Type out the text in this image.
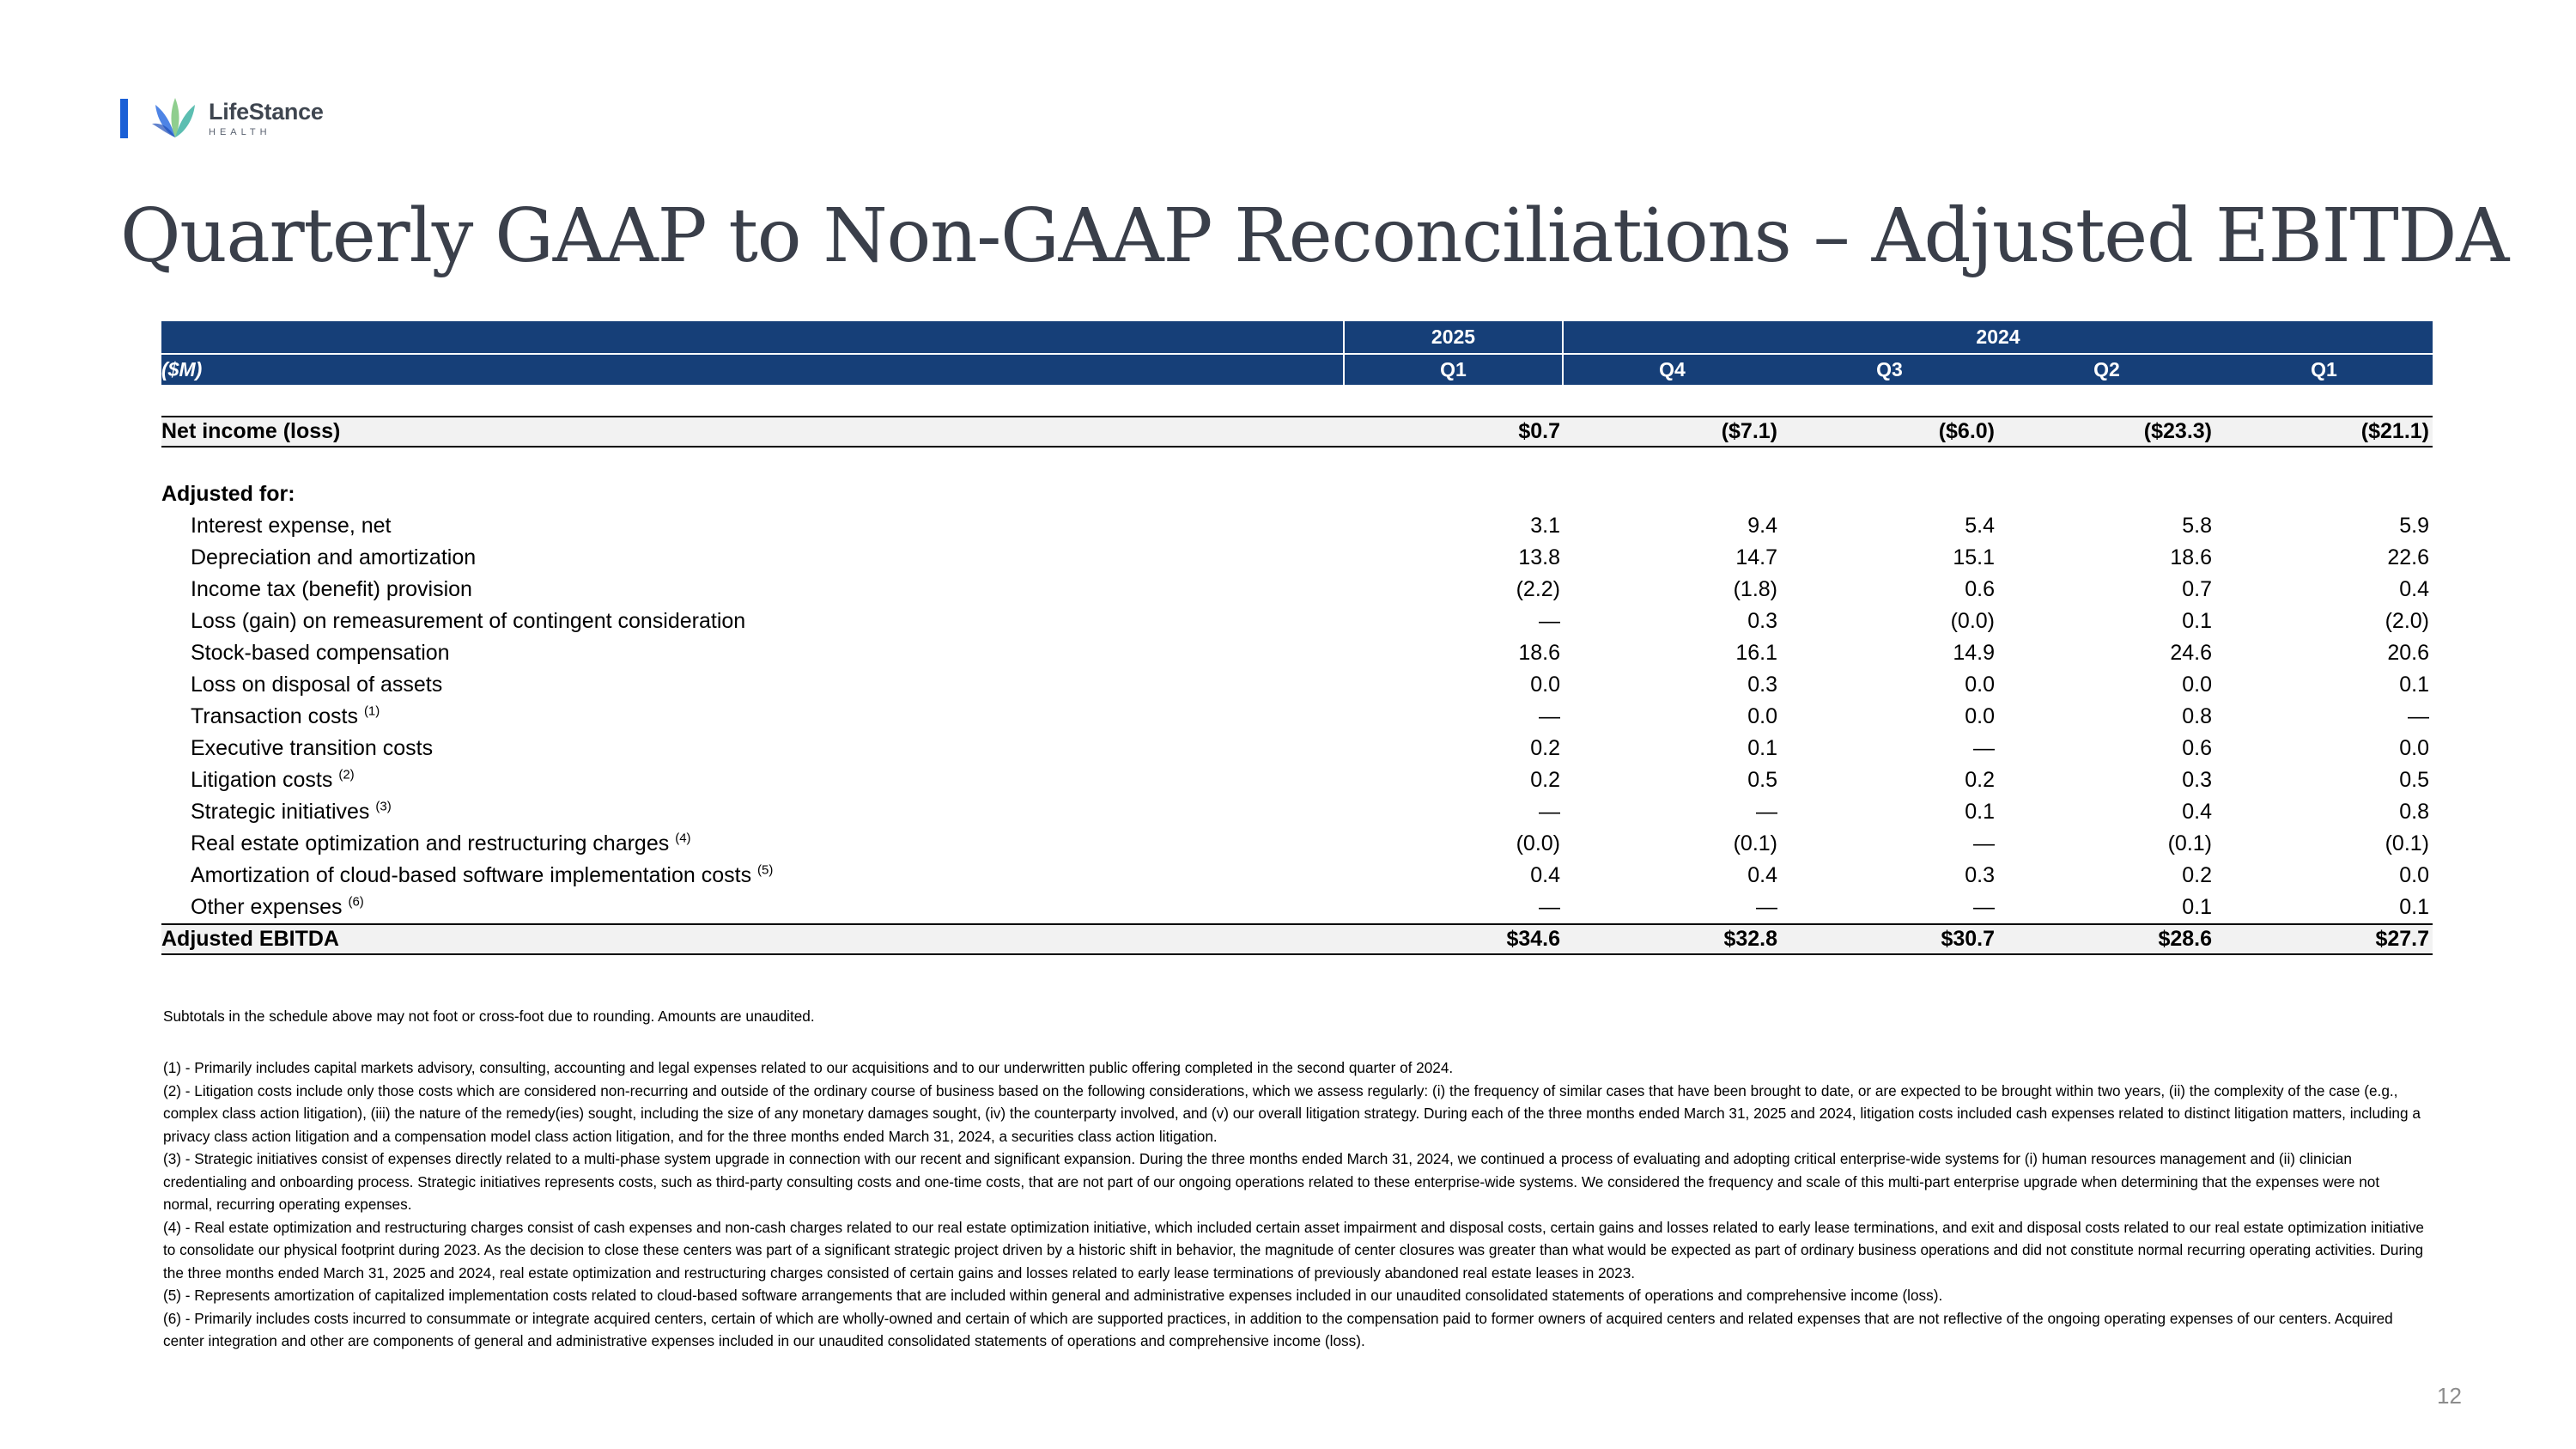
LifeStance
HEALTH
Quarterly GAAP to Non-GAAP Reconciliations – Adjusted EBITDA
2025	2024
($M)	Q1	Q4	Q3	Q2	Q1
Net income (loss)	$0.7	($7.1)	($6.0)	($23.3)	($21.1)
Adjusted for:
Interest expense, net	3.1	9.4	5.4	5.8	5.9
Depreciation and amortization	13.8	14.7	15.1	18.6	22.6
Income tax (benefit) provision	(2.2)	(1.8)	0.6	0.7	0.4
Loss (gain) on remeasurement of contingent consideration	—	0.3	(0.0)	0.1	(2.0)
Stock-based compensation	18.6	16.1	14.9	24.6	20.6
Loss on disposal of assets	0.0	0.3	0.0	0.0	0.1
Transaction costs $^{(1)}$	—	0.0	0.0	0.8	—
Executive transition costs	0.2	0.1	—	0.6	0.0
Litigation costs $^{(2)}$	0.2	0.5	0.2	0.3	0.5
Strategic initiatives $^{(3)}$	—	—	0.1	0.4	0.8
Real estate optimization and restructuring charges $^{(4)}$	(0.0)	(0.1)	—	(0.1)	(0.1)
Amortization of cloud-based software implementation costs $^{(5)}$	0.4	0.4	0.3	0.2	0.0
Other expenses $^{(6)}$	—	—	—	0.1	0.1
Adjusted EBITDA	$34.6	$32.8	$30.7	$28.6	$27.7
Subtotals in the schedule above may not foot or cross-foot due to rounding. Amounts are unaudited.
(1) - Primarily includes capital markets advisory, consulting, accounting and legal expenses related to our acquisitions and to our underwritten public offering completed in the second quarter of 2024.
(2) - Litigation costs include only those costs which are considered non-recurring and outside of the ordinary course of business based on the following considerations, which we assess regularly: (i) the frequency of similar cases that have been brought to date, or are expected to be brought within two years, (ii) the complexity of the case (e.g., complex class action litigation), (iii) the nature of the remedy(ies) sought, including the size of any monetary damages sought, (iv) the counterparty involved, and (v) our overall litigation strategy. During each of the three months ended March 31, 2025 and 2024, litigation costs included cash expenses related to distinct litigation matters, including a privacy class action litigation and a compensation model class action litigation, and for the three months ended March 31, 2024, a securities class action litigation.
(3) - Strategic initiatives consist of expenses directly related to a multi-phase system upgrade in connection with our recent and significant expansion. During the three months ended March 31, 2024, we continued a process of evaluating and adopting critical enterprise-wide systems for (i) human resources management and (ii) clinician credentialing and onboarding process. Strategic initiatives represents costs, such as third-party consulting costs and one-time costs, that are not part of our ongoing operations related to these enterprise-wide systems. We considered the frequency and scale of this multi-part enterprise upgrade when determining that the expenses were not normal, recurring operating expenses.
(4) - Real estate optimization and restructuring charges consist of cash expenses and non-cash charges related to our real estate optimization initiative, which included certain asset impairment and disposal costs, certain gains and losses related to early lease terminations, and exit and disposal costs related to our real estate optimization initiative to consolidate our physical footprint during 2023. As the decision to close these centers was part of a significant strategic project driven by a historic shift in behavior, the magnitude of center closures was greater than what would be expected as part of ordinary business operations and did not constitute normal recurring operating activities. During the three months ended March 31, 2025 and 2024, real estate optimization and restructuring charges consisted of certain gains and losses related to early lease terminations of previously abandoned real estate leases in 2023.
(5) - Represents amortization of capitalized implementation costs related to cloud-based software arrangements that are included within general and administrative expenses included in our unaudited consolidated statements of operations and comprehensive income (loss).
(6) - Primarily includes costs incurred to consummate or integrate acquired centers, certain of which are wholly-owned and certain of which are supported practices, in addition to the compensation paid to former owners of acquired centers and related expenses that are not reflective of the ongoing operating expenses of our centers. Acquired center integration and other are components of general and administrative expenses included in our unaudited consolidated statements of operations and comprehensive income (loss).
12
